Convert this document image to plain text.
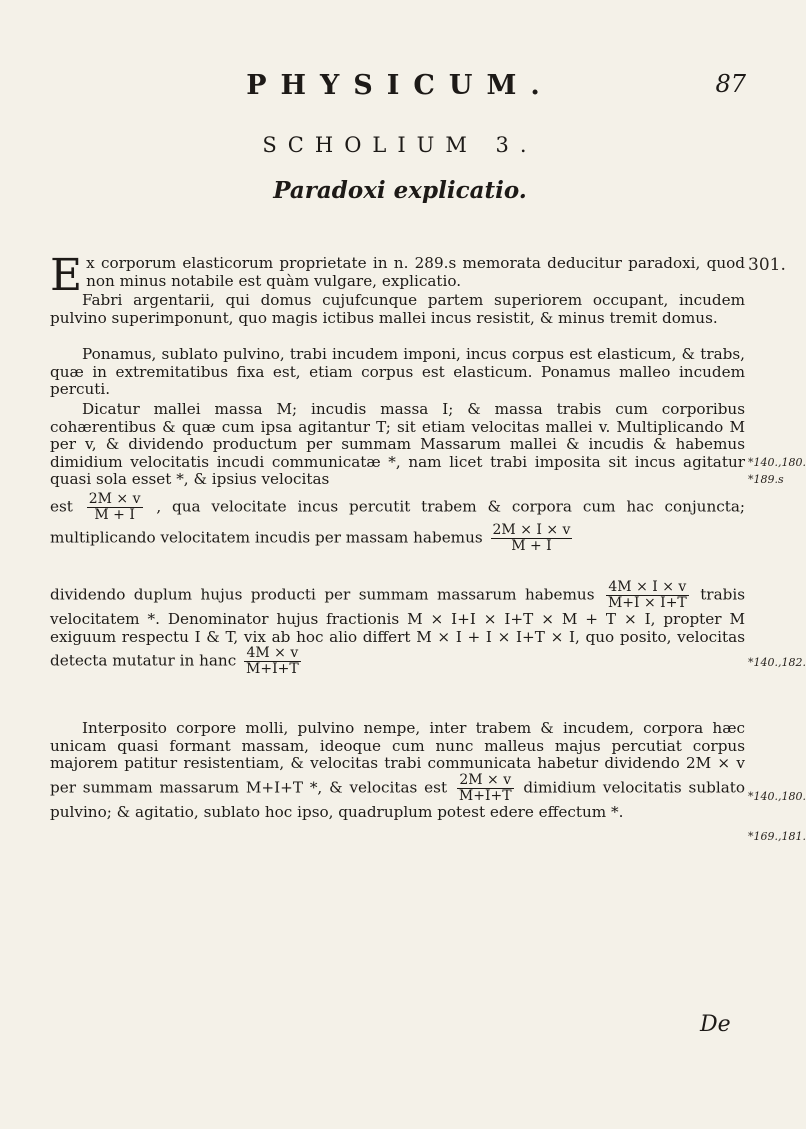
PHYSICUM.	87
SCHOLIUM 3.
Paradoxi explicatio.
E x corporum elasticorum proprietate in n. 289.s memorata deducitur paradoxi, quod non minus notabile est quàm vulgare, explicatio.
301.

Fabri argentarii, qui domus cujufcunque partem superiorem occupant, incudem pulvino superimponunt, quo magis ictibus mallei incus resistit, & minus tremit domus.

Ponamus, sublato pulvino, trabi incudem imponi, incus corpus est elasticum, & trabs, quæ in extremitatibus fixa est, etiam corpus est elasticum. Ponamus malleo incudem percuti.

Dicatur mallei massa M; incudis massa I; & massa trabis cum corporibus cohærentibus & quæ cum ipsa agitantur T; sit etiam velocitas mallei v. Multiplicando M per v, & dividendo productum per summam Massarum mallei & incudis & habemus dimidium velocitatis incudi communicatæ *, nam licet trabi imposita sit incus agitatur quasi sola esset *, & ipsius velocitas

*140.,180.
*189.s
est $\frac{2M \times v}{M + I}$ , qua velocitate incus percutit trabem & corpora cum hac conjuncta; multiplicando velocitatem incudis per massam habemus $\frac{2M \times I \times v}{M + I}$
dividendo duplum hujus producti per summam massarum habemus $\frac{4M \times I \times v}{M+I \times I+T}$ trabis velocitatem *. Denominator hujus fractionis M × I+I × I+T × M + T × I, propter M exiguum respectu I & T, vix ab hoc alio differt M × I + I × I+T × I, quo posito, velocitas detecta mutatur in hanc $\frac{4M \times v}{M+I+T}$	*140.,182.
Interposito corpore molli, pulvino nempe, inter trabem & incudem, corpora hæc unicam quasi formant massam, ideoque cum nunc malleus majus percutiat corpus majorem patitur resistentiam, & velocitas trabi communicata habetur dividendo 2M × v per summam massarum M+I+T *, & velocitas est $\frac{2M \times v}{M+I+T}$ dimidium velocitatis sublato pulvino; & agitatio, sublato hoc ipso, quadruplum potest edere effectum *.
*140.,180.
*169.,181.
De
